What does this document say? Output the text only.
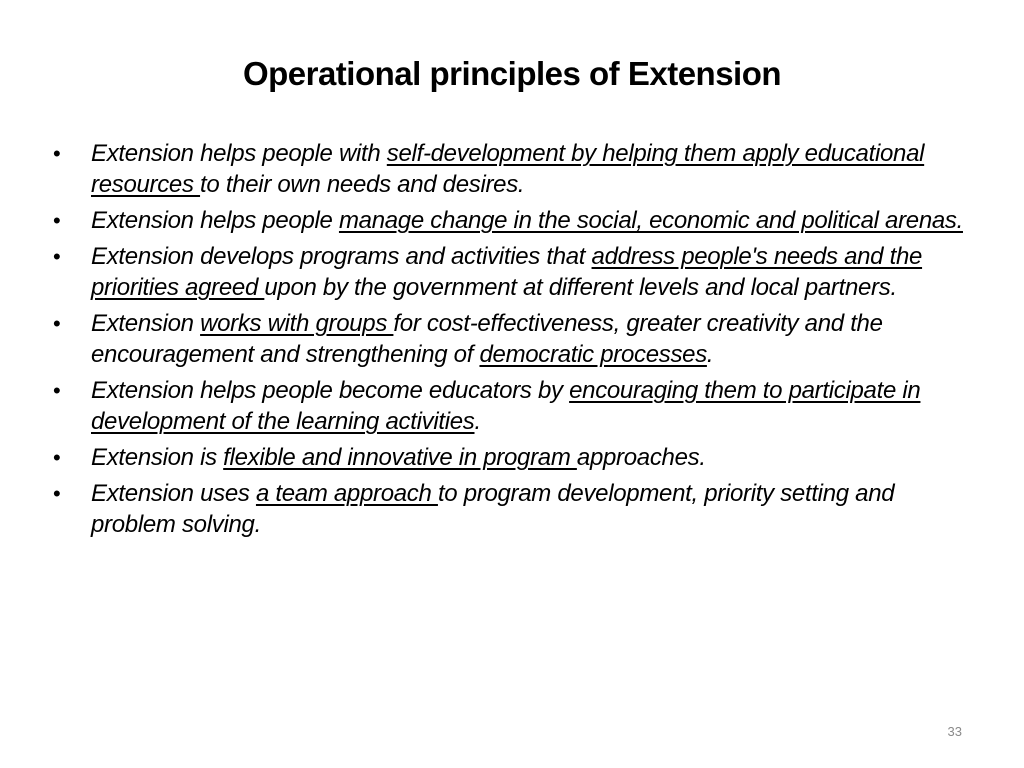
Operational principles of Extension
• Extension helps people with self-development by helping them apply educational resources to their own needs and desires.
• Extension helps people manage change in the social, economic and political arenas.
• Extension develops programs and activities that address people's needs and the priorities agreed upon by the government at different levels and local partners.
• Extension works with groups for cost-effectiveness, greater creativity and the encouragement and strengthening of democratic processes.
• Extension helps people become educators by encouraging them to participate in development of the learning activities.
• Extension is flexible and innovative in program approaches.
• Extension uses a team approach to program development, priority setting and problem solving.
33
